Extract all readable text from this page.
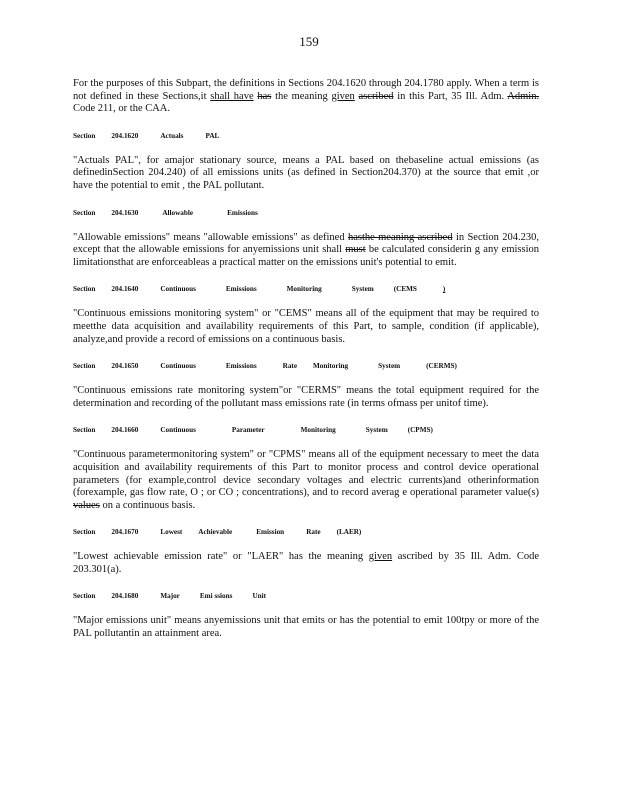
159

For the purposes of this Subpart, the definitions in Sections 204.1620 through 204.1780 apply. When a term is not defined in these Sections,it shall have has the meaning given ascribed in this Part, 35 Ill. Adm. Admin. Code 211, or the CAA.

Section 204.1620	Actuals	PAL

"Actuals PAL", for amajor stationary source, means a PAL based on thebaseline actual emissions (as definedinSection 204.240) of all emissions units (as defined in Section204.370) at the source that emit ,or have the potential to emit , the PAL pollutant.

Section 204.1630	Allowable	Emissions

"Allowable emissions" means "allowable emissions" as defined hasthe meaning ascribed in Section 204.230, except that the allowable emissions for anyemissions unit shall must be calculated considerin g any emission limitationsthat are enforceableas a practical matter on the emissions unit's potential to emit.

Section 204.1640	Continuous	Emissions	Monitoring	System	(CEMS	)

"Continuous emissions monitoring system" or "CEMS" means all of the equipment that may be required to meetthe data acquisition and availability requirements of this Part, to sample, condition (if applicable), analyze,and provide a record of emissions on a continuous basis.

Section 204.1650	Continuous	Emissions	Rate Monitoring	System	(CERMS)

"Continuous emissions rate monitoring system"or "CERMS" means the total equipment required for the determination and recording of the pollutant mass emissions rate (in terms ofmass per unitof time).

Section 204.1660	Continuous	Parameter	Monitoring	System	(CPMS)

"Continuous parametermonitoring system" or "CPMS" means all of the equipment necessary to meet the data acquisition and availability requirements of this Part to monitor process and control device operational parameters (for example,control device secondary voltages and electric currents)and otherinformation (forexample, gas flow rate, O ; or CO ; concentrations), and to record averag e operational parameter value(s) values on a continuous basis.

Section 204.1670	Lowest Achievable	Emission	Rate (LAER)

"Lowest achievable emission rate" or "LAER" has the meaning given ascribed by 35 Ill. Adm. Code 203.301(a).

Section 204.1680	Major	Emi ssions	Unit

"Major emissions unit" means anyemissions unit that emits or has the potential to emit 100tpy or more of the PAL pollutantin an attainment area.
